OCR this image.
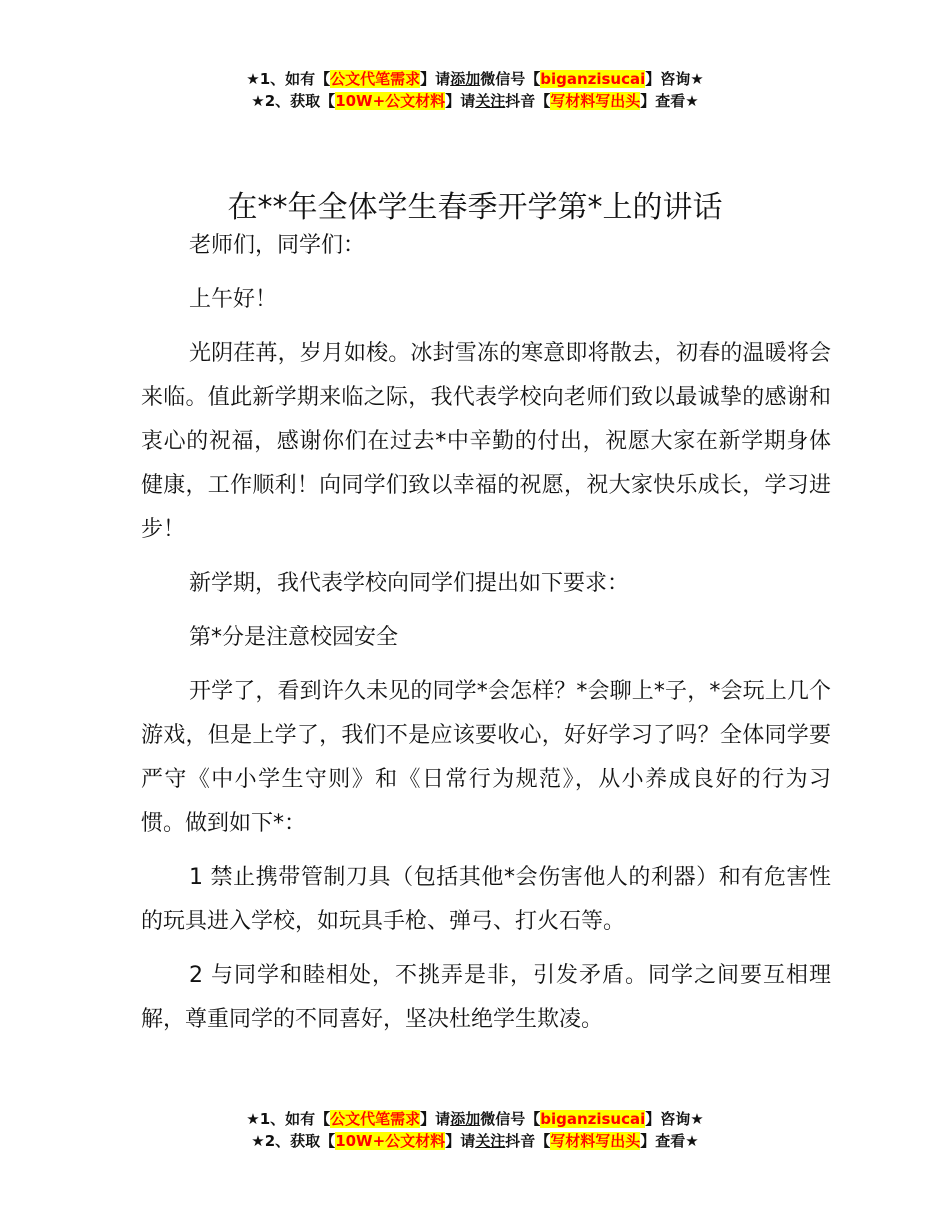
★1、如有【公文代笔需求】请添加微信号【biganzisucai】咨询★
★2、获取【10W+公文材料】请关注抖音【写材料写出头】查看★
在**年全体学生春季开学第*上的讲话

老师们，同学们：

上午好！

光阴荏苒，岁月如梭。冰封雪冻的寒意即将散去，初春的温暖将会来临。值此新学期来临之际，我代表学校向老师们致以最诚挚的感谢和衷心的祝福，感谢你们在过去*中辛勤的付出，祝愿大家在新学期身体健康，工作顺利！向同学们致以幸福的祝愿，祝大家快乐成长，学习进步！

新学期，我代表学校向同学们提出如下要求：

第*分是注意校园安全

开学了，看到许久未见的同学*会怎样？*会聊上*子，*会玩上几个游戏，但是上学了，我们不是应该要收心，好好学习了吗？全体同学要严守《中小学生守则》和《日常行为规范》，从小养成良好的行为习惯。做到如下*：

1 禁止携带管制刀具（包括其他*会伤害他人的利器）和有危害性的玩具进入学校，如玩具手枪、弹弓、打火石等。

2 与同学和睦相处，不挑弄是非，引发矛盾。同学之间要互相理解，尊重同学的不同喜好，坚决杜绝学生欺凌。

★1、如有【公文代笔需求】请添加微信号【biganzisucai】咨询★
★2、获取【10W+公文材料】请关注抖音【写材料写出头】查看★
